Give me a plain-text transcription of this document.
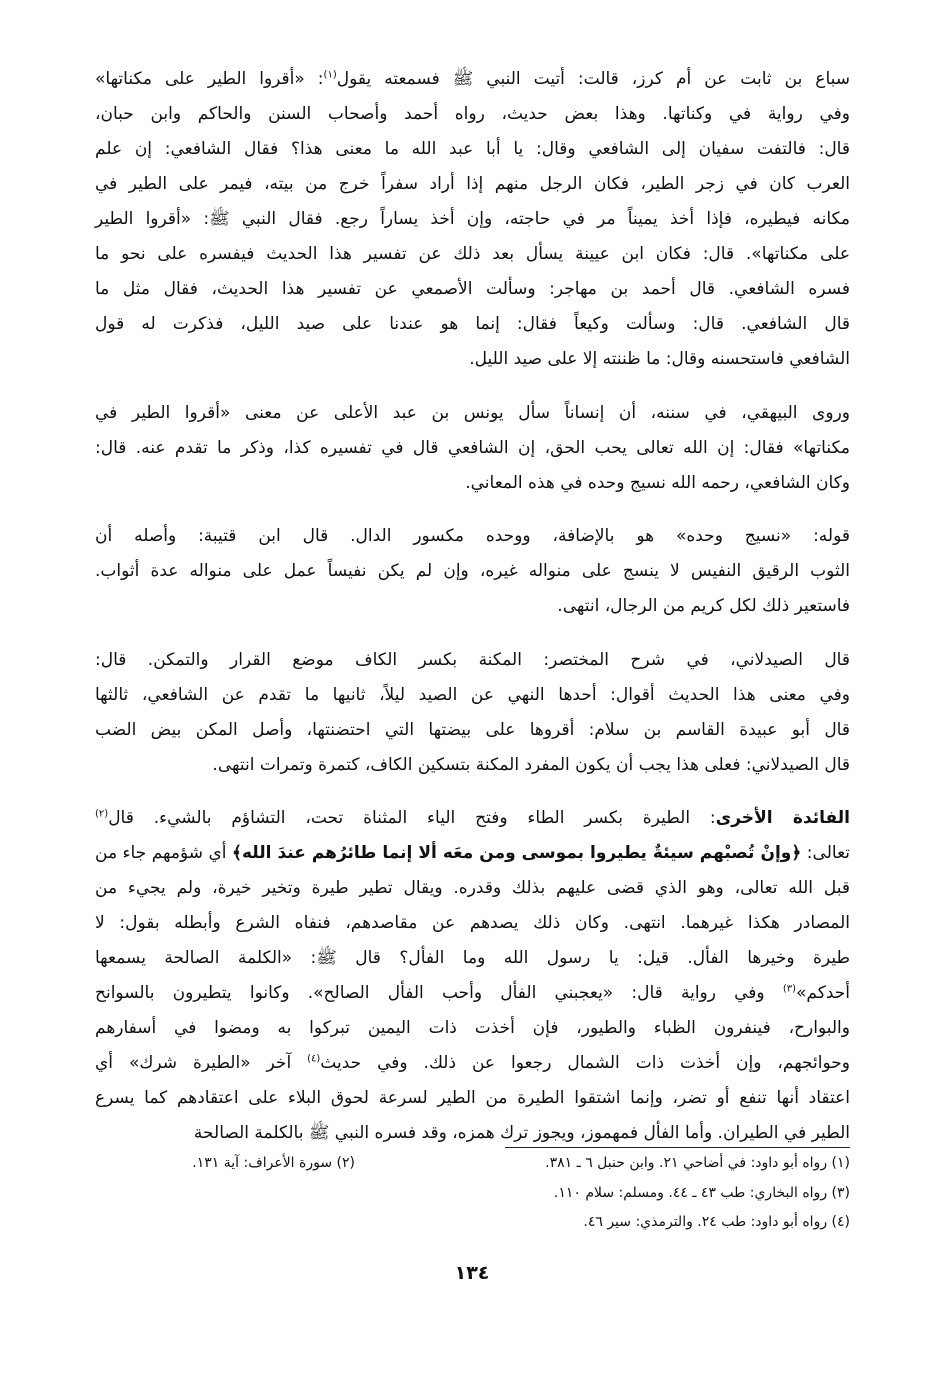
سباع بن ثابت عن أم كرز، قالت: أتيت النبي ﷺ فسمعته يقول$^{(١)}$: «أقروا الطير على مكناتها»
وفي رواية في وكناتها. وهذا بعض حديث، رواه أحمد وأصحاب السنن والحاكم وابن حبان،
قال: فالتفت سفيان إلى الشافعي وقال: يا أبا عبد الله ما معنى هذا؟ فقال الشافعي: إن علم
العرب كان في زجر الطير، فكان الرجل منهم إذا أراد سفراً خرج من بيته، فيمر على الطير في
مكانه فيطيره، فإذا أخذ يميناً مر في حاجته، وإن أخذ يساراً رجع. فقال النبي ﷺ: «أقروا الطير
على مكناتها». قال: فكان ابن عيينة يسأل بعد ذلك عن تفسير هذا الحديث فيفسره على نحو ما
فسره الشافعي. قال أحمد بن مهاجر: وسألت الأصمعي عن تفسير هذا الحديث، فقال مثل ما
قال الشافعي. قال: وسألت وكيعاً فقال: إنما هو عندنا على صيد الليل، فذكرت له قول
الشافعي فاستحسنه وقال: ما ظننته إلا على صيد الليل.
وروى البيهقي، في سننه، أن إنساناً سأل يونس بن عبد الأعلى عن معنى «أقروا الطير في
مكناتها» فقال: إن الله تعالى يحب الحق، إن الشافعي قال في تفسيره كذا، وذكر ما تقدم عنه. قال:
وكان الشافعي، رحمه الله نسيج وحده في هذه المعاني.
قوله: «نسيج وحده» هو بالإضافة، ووحده مكسور الدال. قال ابن قتيبة: وأصله أن
الثوب الرقيق النفيس لا ينسج على منواله غيره، وإن لم يكن نفيساً عمل على منواله عدة أثواب.
فاستعير ذلك لكل كريم من الرجال، انتهى.
قال الصيدلاني، في شرح المختصر: المكنة بكسر الكاف موضع القرار والتمكن. قال:
وفي معنى هذا الحديث أقوال: أحدها النهي عن الصيد ليلاً، ثانيها ما تقدم عن الشافعي، ثالثها
قال أبو عبيدة القاسم بن سلام: أقروها على بيضتها التي احتضنتها، وأصل المكن بيض الضب
قال الصيدلاني: فعلى هذا يجب أن يكون المفرد المكنة بتسكين الكاف، كتمرة وتمرات انتهى.
الفائدة الأخرى: الطيرة بكسر الطاء وفتح الياء المثناة تحت، التشاؤم بالشيء. قال$^{(٢)}$
تعالى: ﴿وإنْ تُصبْهم سيئةٌ يطيروا بموسى ومن معَه ألا إنما طائرُهم عندَ الله﴾ أي شؤمهم جاء من
قبل الله تعالى، وهو الذي قضى عليهم بذلك وقدره. ويقال تطير طيرة وتخير خيرة، ولم يجيء من
المصادر هكذا غيرهما. انتهى. وكان ذلك يصدهم عن مقاصدهم، فنفاه الشرع وأبطله بقول: لا
طيرة وخيرها الفأل. قيل: يا رسول الله وما الفأل؟ قال ﷺ: «الكلمة الصالحة يسمعها
أحدكم»$^{(٣)}$ وفي رواية قال: «يعجبني الفأل وأحب الفأل الصالح». وكانوا يتطيرون بالسوانح
والبوارح، فينفرون الظباء والطيور، فإن أخذت ذات اليمين تبركوا به ومضوا في أسفارهم
وحوائجهم، وإن أخذت ذات الشمال رجعوا عن ذلك. وفي حديث$^{(٤)}$ آخر «الطيرة شرك» أي
اعتقاد أنها تنفع أو تضر، وإنما اشتقوا الطيرة من الطير لسرعة لحوق البلاء على اعتقادهم كما يسرع
الطير في الطيران. وأما الفأل فمهموز، ويجوز ترك همزه، وقد فسره النبي ﷺ بالكلمة الصالحة
(١) رواه أبو داود: في أضاحي ٢١. وابن حنبل ٦ ـ ٣٨١.
(٢) سورة الأعراف: آية ١٣١.
(٣) رواه البخاري: طب ٤٣ ـ ٤٤. ومسلم: سلام ١١٠.
(٤) رواه أبو داود: طب ٢٤. والترمذي: سير ٤٦.
١٣٤
